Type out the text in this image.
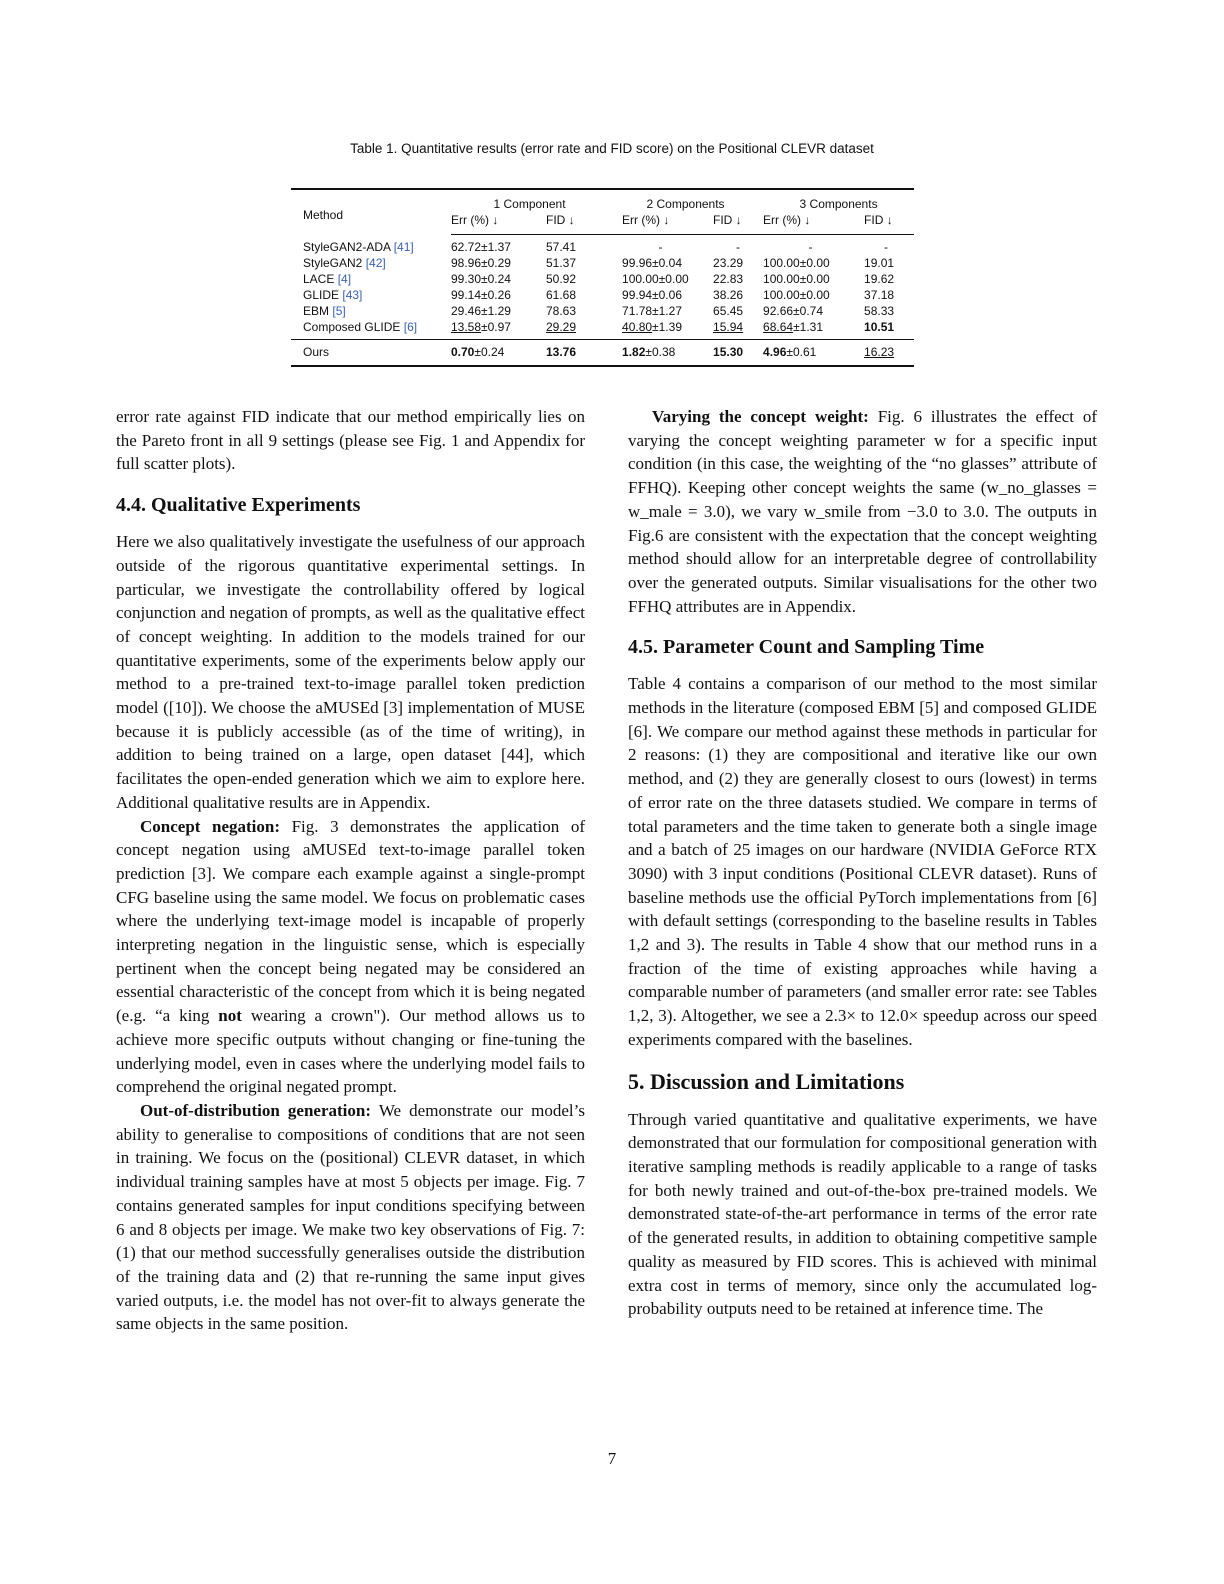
Table 1. Quantitative results (error rate and FID score) on the Positional CLEVR dataset
Method	1 Component		2 Components		3 Components	
	Err (%) ↓	FID ↓	Err (%) ↓	FID ↓	Err (%) ↓	FID ↓
StyleGAN2-ADA [41]	62.72±1.37	57.41	-	-	-	-
StyleGAN2 [42]	98.96±0.29	51.37	99.96±0.04	23.29	100.00±0.00	19.01
LACE [4]	99.30±0.24	50.92	100.00±0.00	22.83	100.00±0.00	19.62
GLIDE [43]	99.14±0.26	61.68	99.94±0.06	38.26	100.00±0.00	37.18
EBM [5]	29.46±1.29	78.63	71.78±1.27	65.45	92.66±0.74	58.33
Composed GLIDE [6]	13.58±0.97	29.29	40.80±1.39	15.94	68.64±1.31	10.51
Ours	0.70±0.24	13.76	1.82±0.38	15.30	4.96±0.61	16.23

error rate against FID indicate that our method empirically lies on the Pareto front in all 9 settings (please see Fig. 1 and Appendix for full scatter plots).

4.4. Qualitative Experiments

Here we also qualitatively investigate the usefulness of our approach outside of the rigorous quantitative experimental settings. In particular, we investigate the controllability offered by logical conjunction and negation of prompts, as well as the qualitative effect of concept weighting. In addition to the models trained for our quantitative experiments, some of the experiments below apply our method to a pre-trained text-to-image parallel token prediction model ([10]). We choose the aMUSEd [3] implementation of MUSE because it is publicly accessible (as of the time of writing), in addition to being trained on a large, open dataset [44], which facilitates the open-ended generation which we aim to explore here. Additional qualitative results are in Appendix.

Concept negation: Fig. 3 demonstrates the application of concept negation using aMUSEd text-to-image parallel token prediction [3]. We compare each example against a single-prompt CFG baseline using the same model. We focus on problematic cases where the underlying text-image model is incapable of properly interpreting negation in the linguistic sense, which is especially pertinent when the concept being negated may be considered an essential characteristic of the concept from which it is being negated (e.g. “a king not wearing a crown"). Our method allows us to achieve more specific outputs without changing or fine-tuning the underlying model, even in cases where the underlying model fails to comprehend the original negated prompt.

Out-of-distribution generation: We demonstrate our model’s ability to generalise to compositions of conditions that are not seen in training. We focus on the (positional) CLEVR dataset, in which individual training samples have at most 5 objects per image. Fig. 7 contains generated samples for input conditions specifying between 6 and 8 objects per image. We make two key observations of Fig. 7: (1) that our method successfully generalises outside the distribution of the training data and (2) that re-running the same input gives varied outputs, i.e. the model has not over-fit to always generate the same objects in the same position.

Varying the concept weight: Fig. 6 illustrates the effect of varying the concept weighting parameter w for a specific input condition (in this case, the weighting of the “no glasses” attribute of FFHQ). Keeping other concept weights the same (w_no_glasses = w_male = 3.0), we vary w_smile from −3.0 to 3.0. The outputs in Fig.6 are consistent with the expectation that the concept weighting method should allow for an interpretable degree of controllability over the generated outputs. Similar visualisations for the other two FFHQ attributes are in Appendix.

4.5. Parameter Count and Sampling Time

Table 4 contains a comparison of our method to the most similar methods in the literature (composed EBM [5] and composed GLIDE [6]. We compare our method against these methods in particular for 2 reasons: (1) they are compositional and iterative like our own method, and (2) they are generally closest to ours (lowest) in terms of error rate on the three datasets studied. We compare in terms of total parameters and the time taken to generate both a single image and a batch of 25 images on our hardware (NVIDIA GeForce RTX 3090) with 3 input conditions (Positional CLEVR dataset). Runs of baseline methods use the official PyTorch implementations from [6] with default settings (corresponding to the baseline results in Tables 1,2 and 3). The results in Table 4 show that our method runs in a fraction of the time of existing approaches while having a comparable number of parameters (and smaller error rate: see Tables 1,2, 3). Altogether, we see a 2.3× to 12.0× speedup across our speed experiments compared with the baselines.

5. Discussion and Limitations

Through varied quantitative and qualitative experiments, we have demonstrated that our formulation for compositional generation with iterative sampling methods is readily applicable to a range of tasks for both newly trained and out-of-the-box pre-trained models. We demonstrated state-of-the-art performance in terms of the error rate of the generated results, in addition to obtaining competitive sample quality as measured by FID scores. This is achieved with minimal extra cost in terms of memory, since only the accumulated log-probability outputs need to be retained at inference time. The

7
